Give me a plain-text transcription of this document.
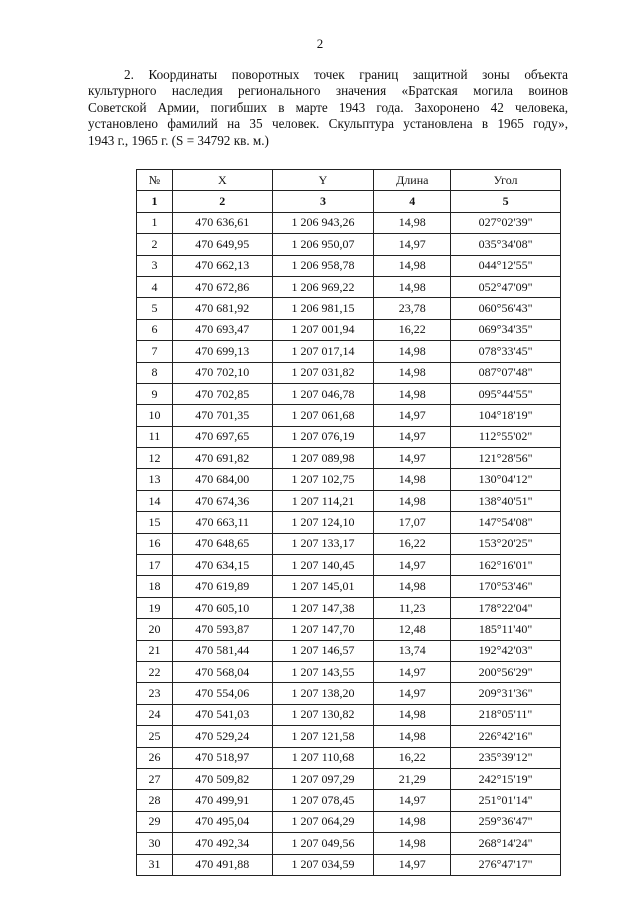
2

2. Координаты поворотных точек границ защитной зоны объекта

культурного наследия регионального значения «Братская могила воинов

Советской Армии, погибших в марте 1943 года. Захоронено 42 человека,

установлено фамилий на 35 человек. Скульптура установлена в 1965 году»,

1943 г., 1965 г. (S = 34792 кв. м.)

№	X	Y	Длина	Угол
1	2	3	4	5
1	470 636,61	1 206 943,26	14,98	027°02'39"
2	470 649,95	1 206 950,07	14,97	035°34'08"
3	470 662,13	1 206 958,78	14,98	044°12'55"
4	470 672,86	1 206 969,22	14,98	052°47'09"
5	470 681,92	1 206 981,15	23,78	060°56'43"
6	470 693,47	1 207 001,94	16,22	069°34'35"
7	470 699,13	1 207 017,14	14,98	078°33'45"
8	470 702,10	1 207 031,82	14,98	087°07'48"
9	470 702,85	1 207 046,78	14,98	095°44'55"
10	470 701,35	1 207 061,68	14,97	104°18'19"
11	470 697,65	1 207 076,19	14,97	112°55'02"
12	470 691,82	1 207 089,98	14,97	121°28'56"
13	470 684,00	1 207 102,75	14,98	130°04'12"
14	470 674,36	1 207 114,21	14,98	138°40'51"
15	470 663,11	1 207 124,10	17,07	147°54'08"
16	470 648,65	1 207 133,17	16,22	153°20'25"
17	470 634,15	1 207 140,45	14,97	162°16'01"
18	470 619,89	1 207 145,01	14,98	170°53'46"
19	470 605,10	1 207 147,38	11,23	178°22'04"
20	470 593,87	1 207 147,70	12,48	185°11'40"
21	470 581,44	1 207 146,57	13,74	192°42'03"
22	470 568,04	1 207 143,55	14,97	200°56'29"
23	470 554,06	1 207 138,20	14,97	209°31'36"
24	470 541,03	1 207 130,82	14,98	218°05'11"
25	470 529,24	1 207 121,58	14,98	226°42'16"
26	470 518,97	1 207 110,68	16,22	235°39'12"
27	470 509,82	1 207 097,29	21,29	242°15'19"
28	470 499,91	1 207 078,45	14,97	251°01'14"
29	470 495,04	1 207 064,29	14,98	259°36'47"
30	470 492,34	1 207 049,56	14,98	268°14'24"
31	470 491,88	1 207 034,59	14,97	276°47'17"
